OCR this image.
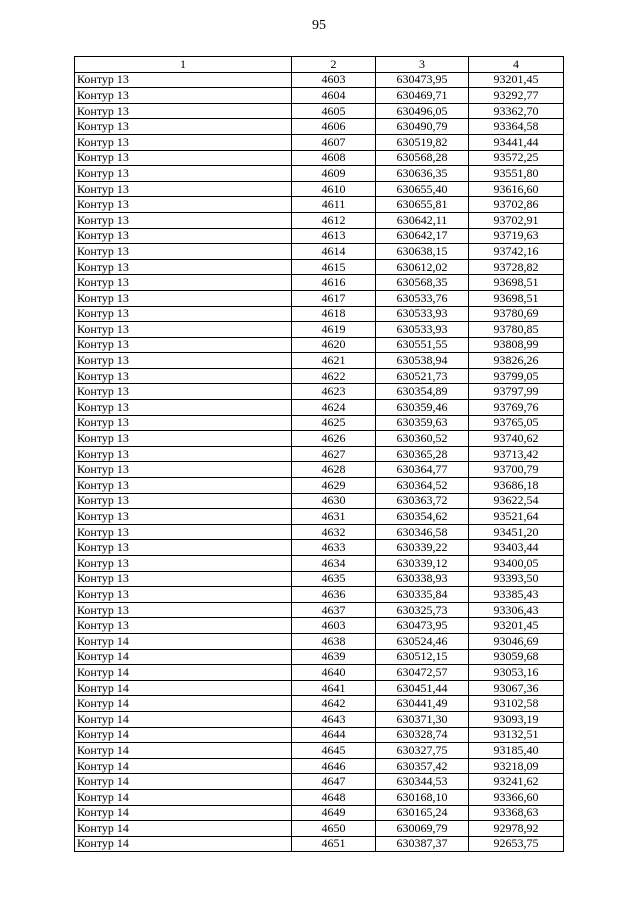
95
1	2	3	4
Контур 13	4603	630473,95	93201,45
Контур 13	4604	630469,71	93292,77
Контур 13	4605	630496,05	93362,70
Контур 13	4606	630490,79	93364,58
Контур 13	4607	630519,82	93441,44
Контур 13	4608	630568,28	93572,25
Контур 13	4609	630636,35	93551,80
Контур 13	4610	630655,40	93616,60
Контур 13	4611	630655,81	93702,86
Контур 13	4612	630642,11	93702,91
Контур 13	4613	630642,17	93719,63
Контур 13	4614	630638,15	93742,16
Контур 13	4615	630612,02	93728,82
Контур 13	4616	630568,35	93698,51
Контур 13	4617	630533,76	93698,51
Контур 13	4618	630533,93	93780,69
Контур 13	4619	630533,93	93780,85
Контур 13	4620	630551,55	93808,99
Контур 13	4621	630538,94	93826,26
Контур 13	4622	630521,73	93799,05
Контур 13	4623	630354,89	93797,99
Контур 13	4624	630359,46	93769,76
Контур 13	4625	630359,63	93765,05
Контур 13	4626	630360,52	93740,62
Контур 13	4627	630365,28	93713,42
Контур 13	4628	630364,77	93700,79
Контур 13	4629	630364,52	93686,18
Контур 13	4630	630363,72	93622,54
Контур 13	4631	630354,62	93521,64
Контур 13	4632	630346,58	93451,20
Контур 13	4633	630339,22	93403,44
Контур 13	4634	630339,12	93400,05
Контур 13	4635	630338,93	93393,50
Контур 13	4636	630335,84	93385,43
Контур 13	4637	630325,73	93306,43
Контур 13	4603	630473,95	93201,45
Контур 14	4638	630524,46	93046,69
Контур 14	4639	630512,15	93059,68
Контур 14	4640	630472,57	93053,16
Контур 14	4641	630451,44	93067,36
Контур 14	4642	630441,49	93102,58
Контур 14	4643	630371,30	93093,19
Контур 14	4644	630328,74	93132,51
Контур 14	4645	630327,75	93185,40
Контур 14	4646	630357,42	93218,09
Контур 14	4647	630344,53	93241,62
Контур 14	4648	630168,10	93366,60
Контур 14	4649	630165,24	93368,63
Контур 14	4650	630069,79	92978,92
Контур 14	4651	630387,37	92653,75
